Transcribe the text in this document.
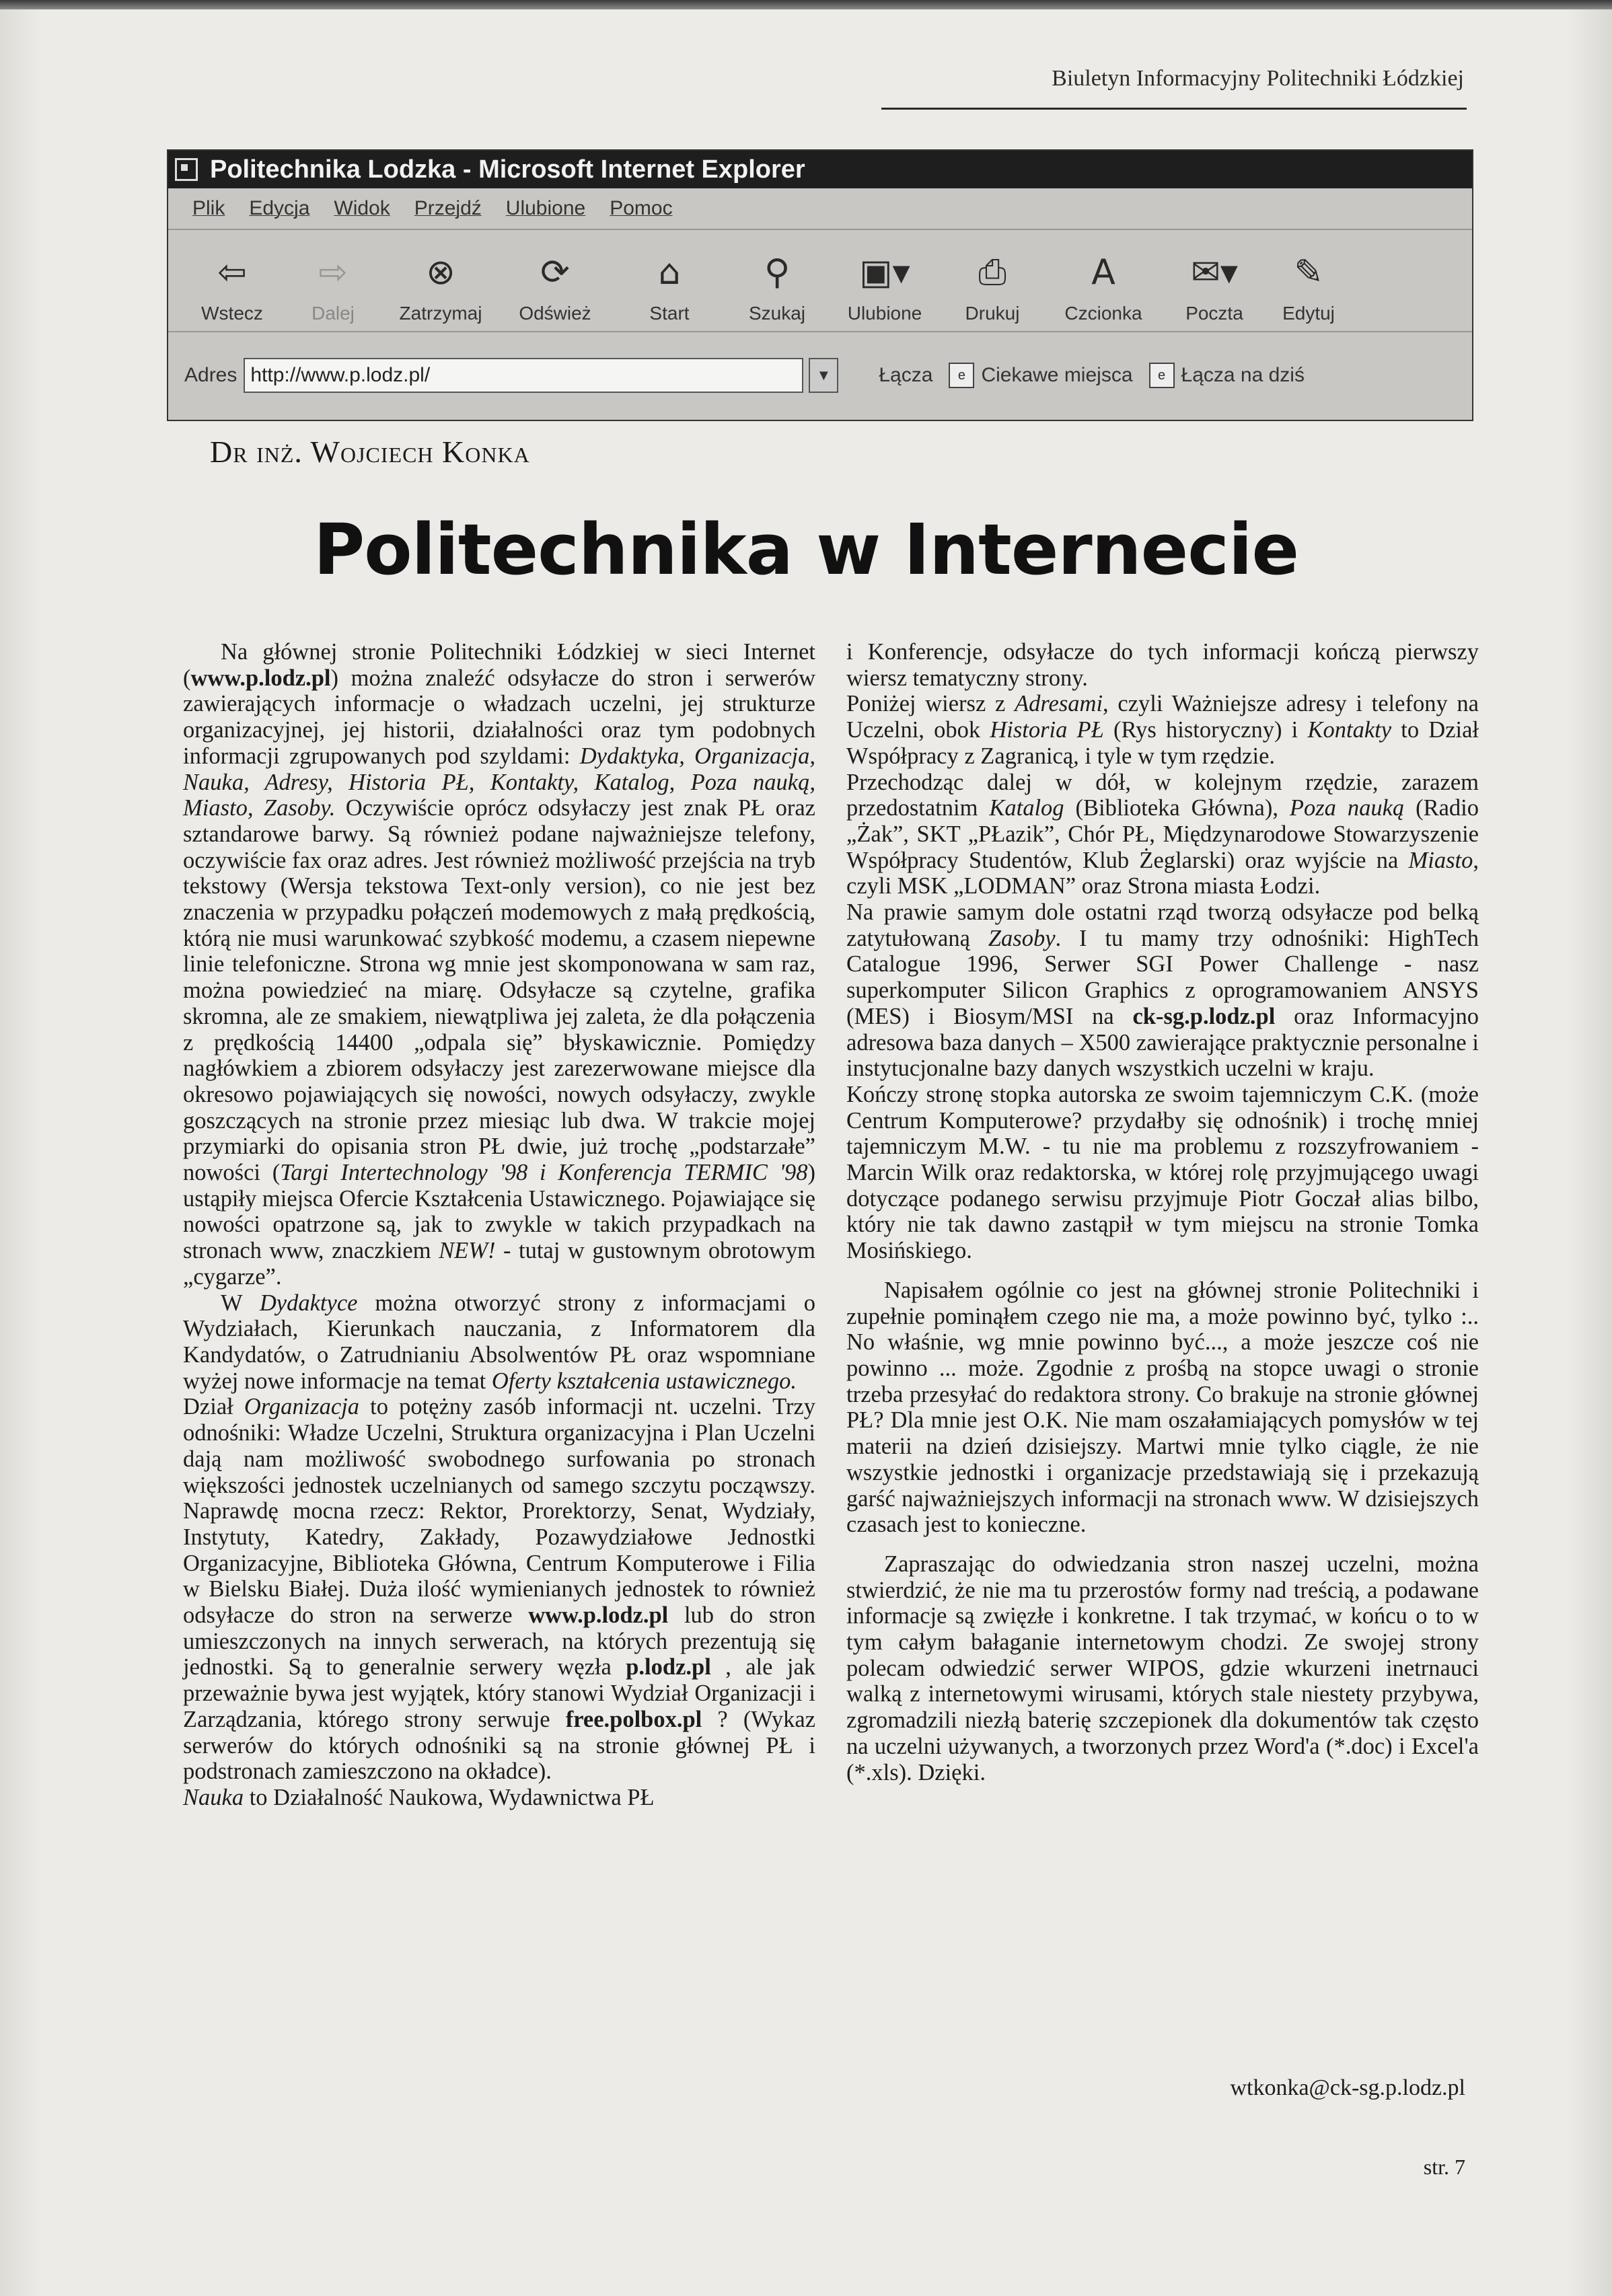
Biuletyn Informacyjny Politechniki Łódzkiej
Politechnika Lodzka - Microsoft Internet Explorer
Plik Edycja Widok Przejdź Ulubione Pomoc
⇦
Wstecz
⇨
Dalej
⊗
Zatrzymaj
⟳
Odśwież
⌂
Start
⚲
Szukaj
▣▾
Ulubione
⎙
Drukuj
A
Czcionka
✉▾
Poczta
✎
Edytuj
Adres http://www.p.lodz.pl/	▼	Łącza	e Ciekawe miejsca	e Łącza na dziś
Dr inż. Wojciech Konka
Politechnika w Internecie

Na głównej stronie Politechniki Łódzkiej w sieci Internet (www.p.lodz.pl) można znaleźć odsyłacze do stron i serwerów zawierających informacje o władzach uczelni, jej strukturze organizacyjnej, jej historii, działalności oraz tym podobnych informacji zgrupowanych pod szyldami: Dydaktyka, Organizacja, Nauka, Adresy, Historia PŁ, Kontakty, Katalog, Poza nauką, Miasto, Zasoby. Oczywiście oprócz odsyłaczy jest znak PŁ oraz sztandarowe barwy. Są również podane najważniejsze telefony, oczywiście fax oraz adres. Jest również możliwość przejścia na tryb tekstowy (Wersja tekstowa Text-only version), co nie jest bez znaczenia w przypadku połączeń modemowych z małą prędkością, którą nie musi warunkować szybkość modemu, a czasem niepewne linie telefoniczne. Strona wg mnie jest skomponowana w sam raz, można powiedzieć na miarę. Odsyłacze są czytelne, grafika skromna, ale ze smakiem, niewątpliwa jej zaleta, że dla połączenia z prędkością 14400 „odpala się” błyskawicznie. Pomiędzy nagłówkiem a zbiorem odsyłaczy jest zarezerwowane miejsce dla okresowo pojawiających się nowości, nowych odsyłaczy, zwykle goszczących na stronie przez miesiąc lub dwa. W trakcie mojej przymiarki do opisania stron PŁ dwie, już trochę „podstarzałe” nowości (Targi Intertechnology '98 i Konferencja TERMIC '98) ustąpiły miejsca Ofercie Kształcenia Ustawicznego. Pojawiające się nowości opatrzone są, jak to zwykle w takich przypadkach na stronach www, znaczkiem NEW! - tutaj w gustownym obrotowym „cygarze”.

W Dydaktyce można otworzyć strony z informacjami o Wydziałach, Kierunkach nauczania, z Informatorem dla Kandydatów, o Zatrudnianiu Absolwentów PŁ oraz wspomniane wyżej nowe informacje na temat Oferty kształcenia ustawicznego.

Dział Organizacja to potężny zasób informacji nt. uczelni. Trzy odnośniki: Władze Uczelni, Struktura organizacyjna i Plan Uczelni dają nam możliwość swobodnego surfowania po stronach większości jednostek uczelnianych od samego szczytu począwszy. Naprawdę mocna rzecz: Rektor, Prorektorzy, Senat, Wydziały, Instytuty, Katedry, Zakłady, Pozawydziałowe Jednostki Organizacyjne, Biblioteka Główna, Centrum Komputerowe i Filia w Bielsku Białej. Duża ilość wymienianych jednostek to również odsyłacze do stron na serwerze www.p.lodz.pl lub do stron umieszczonych na innych serwerach, na których prezentują się jednostki. Są to generalnie serwery węzła p.lodz.pl , ale jak przeważnie bywa jest wyjątek, który stanowi Wydział Organizacji i Zarządzania, którego strony serwuje free.polbox.pl ? (Wykaz serwerów do których odnośniki są na stronie głównej PŁ i podstronach zamieszczono na okładce).

Nauka to Działalność Naukowa, Wydawnictwa PŁ

i Konferencje, odsyłacze do tych informacji kończą pierwszy wiersz tematyczny strony.

Poniżej wiersz z Adresami, czyli Ważniejsze adresy i telefony na Uczelni, obok Historia PŁ (Rys historyczny) i Kontakty to Dział Współpracy z Zagranicą, i tyle w tym rzędzie.

Przechodząc dalej w dół, w kolejnym rzędzie, zarazem przedostatnim Katalog (Biblioteka Główna), Poza nauką (Radio „Żak”, SKT „PŁazik”, Chór PŁ, Międzynarodowe Stowarzyszenie Współpracy Studentów, Klub Żeglarski) oraz wyjście na Miasto, czyli MSK „LODMAN” oraz Strona miasta Łodzi.

Na prawie samym dole ostatni rząd tworzą odsyłacze pod belką zatytułowaną Zasoby. I tu mamy trzy odnośniki: HighTech Catalogue 1996, Serwer SGI Power Challenge - nasz superkomputer Silicon Graphics z oprogramowaniem ANSYS (MES) i Biosym/MSI na ck-sg.p.lodz.pl oraz Informacyjno adresowa baza danych – X500 zawierające praktycznie personalne i instytucjonalne bazy danych wszystkich uczelni w kraju.

Kończy stronę stopka autorska ze swoim tajemniczym C.K. (może Centrum Komputerowe? przydałby się odnośnik) i trochę mniej tajemniczym M.W. - tu nie ma problemu z rozszyfrowaniem - Marcin Wilk oraz redaktorska, w której rolę przyjmującego uwagi dotyczące podanego serwisu przyjmuje Piotr Goczał alias bilbo, który nie tak dawno zastąpił w tym miejscu na stronie Tomka Mosińskiego.

Napisałem ogólnie co jest na głównej stronie Politechniki i zupełnie pominąłem czego nie ma, a może powinno być, tylko :.. No właśnie, wg mnie powinno być..., a może jeszcze coś nie powinno ... może. Zgodnie z prośbą na stopce uwagi o stronie trzeba przesyłać do redaktora strony. Co brakuje na stronie głównej PŁ? Dla mnie jest O.K. Nie mam oszałamiających pomysłów w tej materii na dzień dzisiejszy. Martwi mnie tylko ciągle, że nie wszystkie jednostki i organizacje przedstawiają się i przekazują garść najważniejszych informacji na stronach www. W dzisiejszych czasach jest to konieczne.

Zapraszając do odwiedzania stron naszej uczelni, można stwierdzić, że nie ma tu przerostów formy nad treścią, a podawane informacje są zwięzłe i konkretne. I tak trzymać, w końcu o to w tym całym bałaganie internetowym chodzi. Ze swojej strony polecam odwiedzić serwer WIPOS, gdzie wkurzeni inetrnauci walką z internetowymi wirusami, których stale niestety przybywa, zgromadzili niezłą baterię szczepionek dla dokumentów tak często na uczelni używanych, a tworzonych przez Word'a (*.doc) i Excel'a (*.xls). Dzięki.

wtkonka@ck-sg.p.lodz.pl
str. 7
